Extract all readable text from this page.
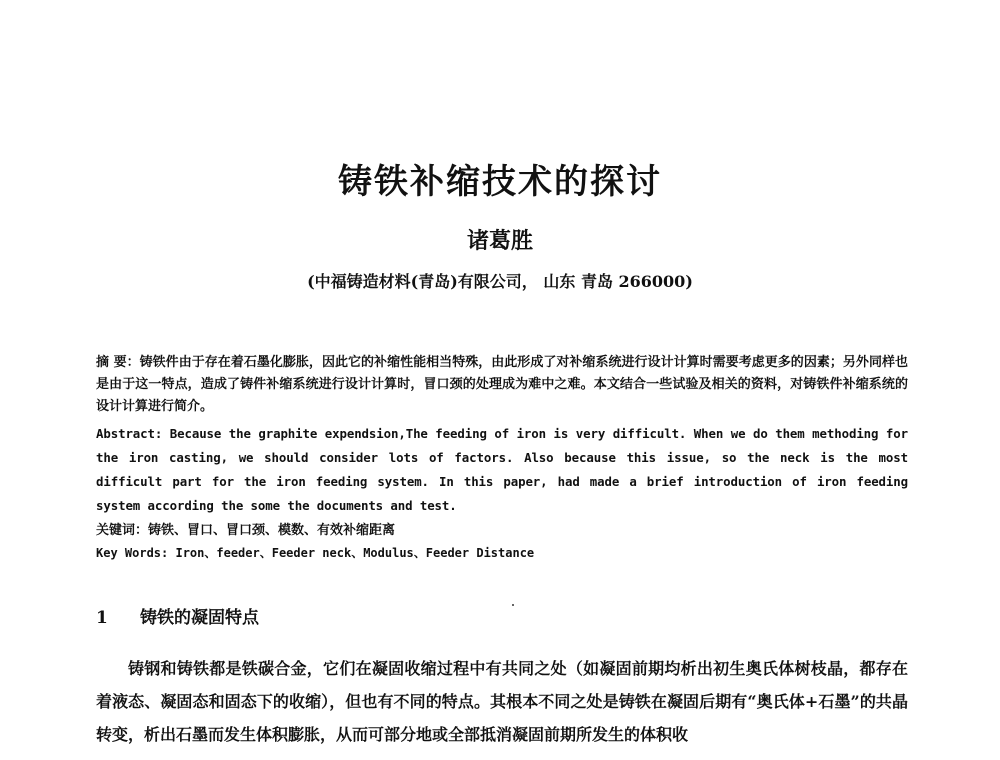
铸铁补缩技术的探讨
诸葛胜
(中福铸造材料(青岛)有限公司， 山东 青岛 266000)

摘 要：铸铁件由于存在着石墨化膨胀，因此它的补缩性能相当特殊，由此形成了对补缩系统进行设计计算时需要考虑更多的因素；另外同样也是由于这一特点，造成了铸件补缩系统进行设计计算时，冒口颈的处理成为难中之难。本文结合一些试验及相关的资料，对铸铁件补缩系统的设计计算进行简介。

Abstract: Because the graphite expendsion,The feeding of iron is very difficult. When we do them methoding for the iron casting, we should consider lots of factors. Also because this issue, so the neck is the most difficult part for the iron feeding system. In this paper, had made a brief introduction of iron feeding system according the some the documents and test.

关键词：铸铁、冒口、冒口颈、模数、有效补缩距离

Key Words: Iron、feeder、Feeder neck、Modulus、Feeder Distance

1 铸铁的凝固特点

铸钢和铸铁都是铁碳合金，它们在凝固收缩过程中有共同之处（如凝固前期均析出初生奥氏体树枝晶，都存在着液态、凝固态和固态下的收缩），但也有不同的特点。其根本不同之处是铸铁在凝固后期有“奥氏体+石墨”的共晶转变，析出石墨而发生体积膨胀，从而可部分地或全部抵消凝固前期所发生的体积收
